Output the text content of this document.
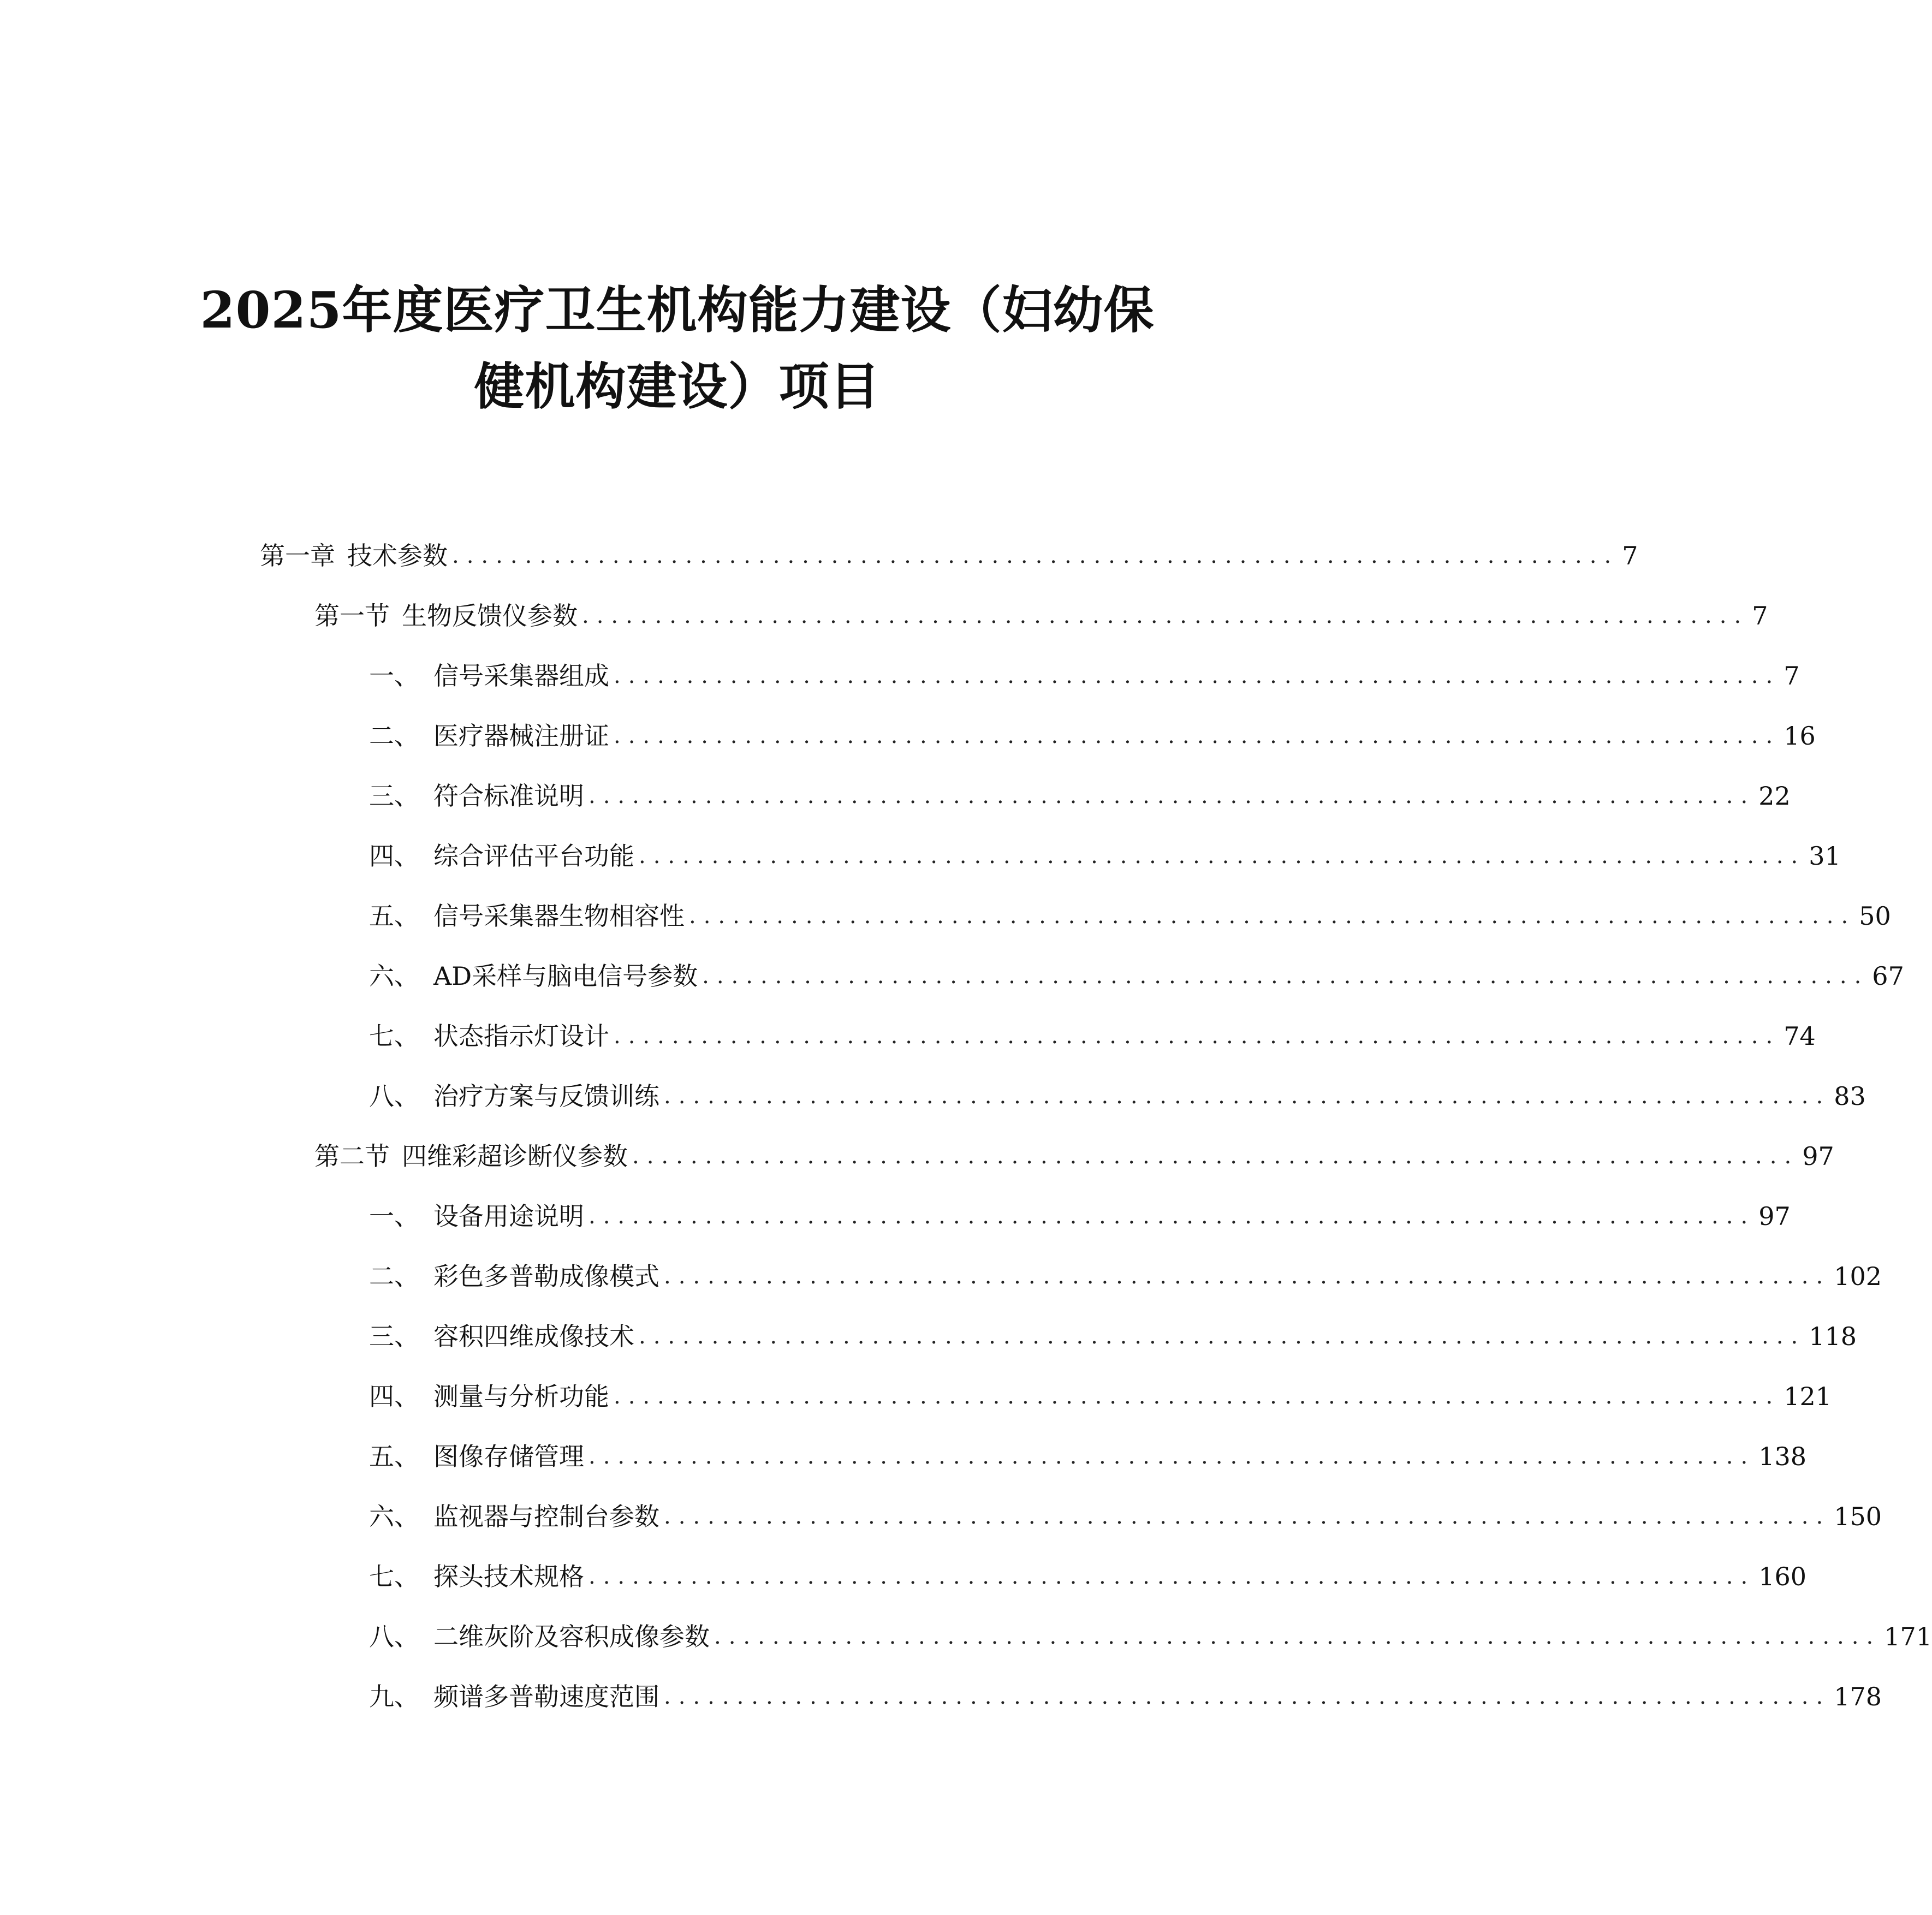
2025年度医疗卫生机构能力建设（妇幼保
健机构建设）项目
第一章 技术参数 ................................................................................ 7
第一节 生物反馈仪参数 ................................................................................ 7
一、 信号采集器组成 ................................................................................ 7
二、 医疗器械注册证 ................................................................................ 16
三、 符合标准说明 ................................................................................ 22
四、 综合评估平台功能 ................................................................................ 31
五、 信号采集器生物相容性 ................................................................................ 50
六、 AD采样与脑电信号参数 ................................................................................ 67
七、 状态指示灯设计 ................................................................................ 74
八、 治疗方案与反馈训练 ................................................................................ 83
第二节 四维彩超诊断仪参数 ................................................................................ 97
一、 设备用途说明 ................................................................................ 97
二、 彩色多普勒成像模式 ................................................................................ 102
三、 容积四维成像技术 ................................................................................ 118
四、 测量与分析功能 ................................................................................ 121
五、 图像存储管理 ................................................................................ 138
六、 监视器与控制台参数 ................................................................................ 150
七、 探头技术规格 ................................................................................ 160
八、 二维灰阶及容积成像参数 ................................................................................ 171
九、 频谱多普勒速度范围 ................................................................................ 178
